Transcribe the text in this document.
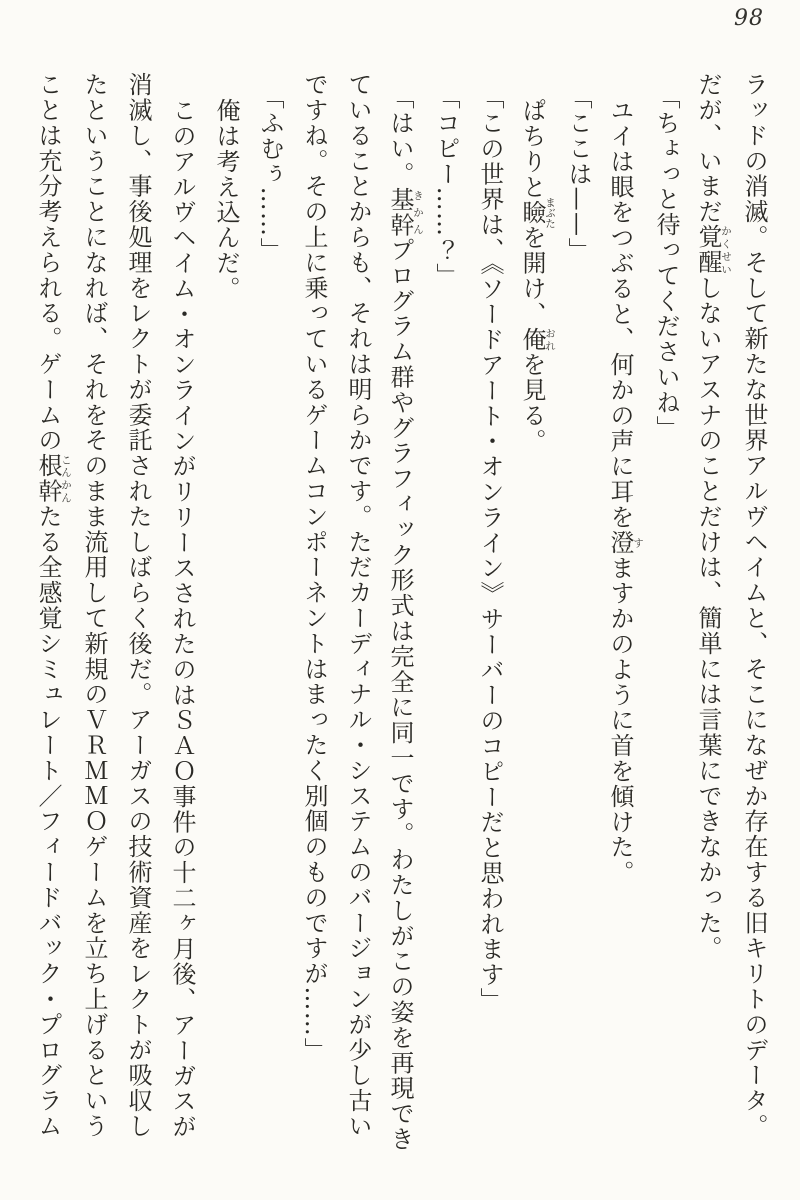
98

ラッドの消滅。そして新たな世界アルヴヘイムと、そこになぜか存在する旧キリトのデータ。

だが、いまだ覚醒かくせいしないアスナのことだけは、簡単には言葉にできなかった。

「ちょっと待ってくださいね」

ユイは眼をつぶると、何かの声に耳を澄すますかのように首を傾けた。

「ここは——」

ぱちりと瞼まぶたを開け、俺おれを見る。

「この世界は、《ソードアート・オンライン》サーバーのコピーだと思われます」

「コピー……？」

「はい。基幹きかんプログラム群やグラフィック形式は完全に同一です。わたしがこの姿を再現でき

ていることからも、それは明らかです。ただカーディナル・システムのバージョンが少し古い

ですね。その上に乗っているゲームコンポーネントはまったく別個のものですが……」

「ふむぅ……」

俺は考え込んだ。

このアルヴヘイム・オンラインがリリースされたのはＳＡＯ事件の十二ヶ月後、アーガスが

消滅し、事後処理をレクトが委託されたしばらく後だ。アーガスの技術資産をレクトが吸収し

たということになれば、それをそのまま流用して新規のＶＲＭＭＯゲームを立ち上げるという

ことは充分考えられる。ゲームの根幹こんかんたる全感覚シミュレート／フィードバック・プログラム
